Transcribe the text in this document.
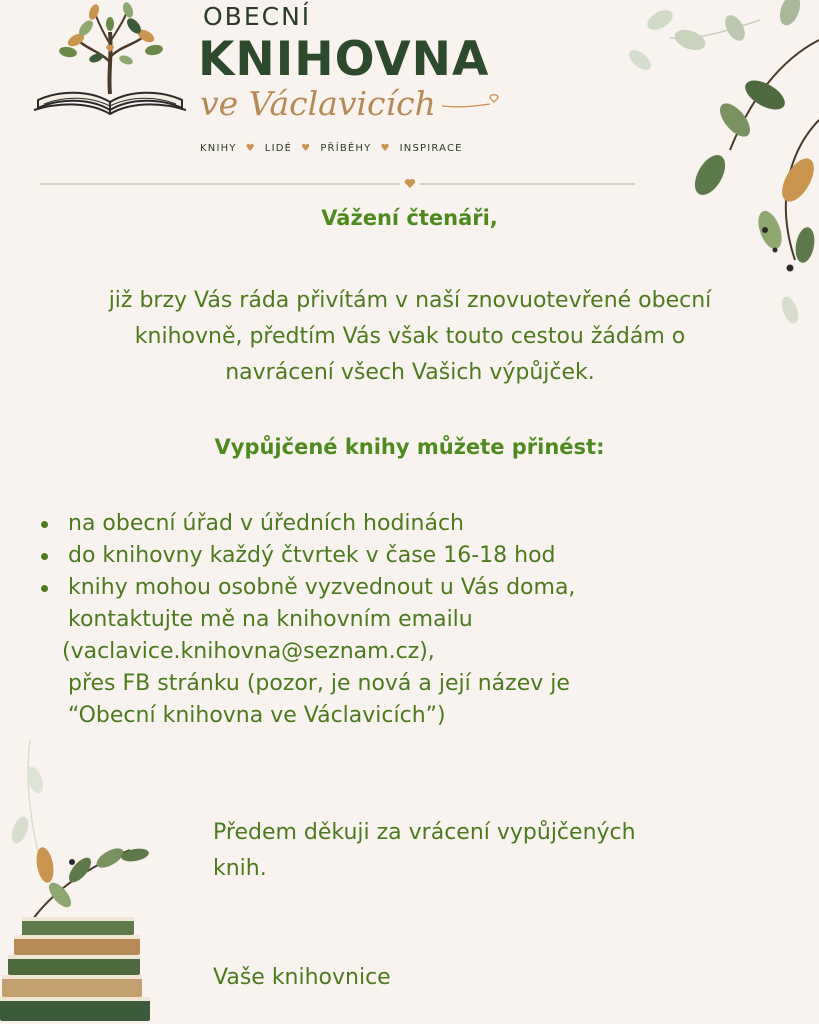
OBECNÍ
KNIHOVNA
ve Václavicích
KNIHY ♥ LIDÉ ♥ PŘÍBĚHY ♥ INSPIRACE
Vážení čtenáři,
již brzy Vás ráda přivítám v naší znovuotevřené obecní
knihovně, předtím Vás však touto cestou žádám o
navrácení všech Vašich výpůjček.
Vypůjčené knihy můžete přinést:
na obecní úřad v úředních hodinách
do knihovny každý čtvrtek v čase 16-18 hod
knihy mohou osobně vyzvednout u Vás doma,
kontaktujte mě na knihovním emailu
(vaclavice.knihovna@seznam.cz),
přes FB stránku (pozor, je nová a její název je
“Obecní knihovna ve Václavicích”)
Předem děkuji za vrácení vypůjčených
knih.
Vaše knihovnice
